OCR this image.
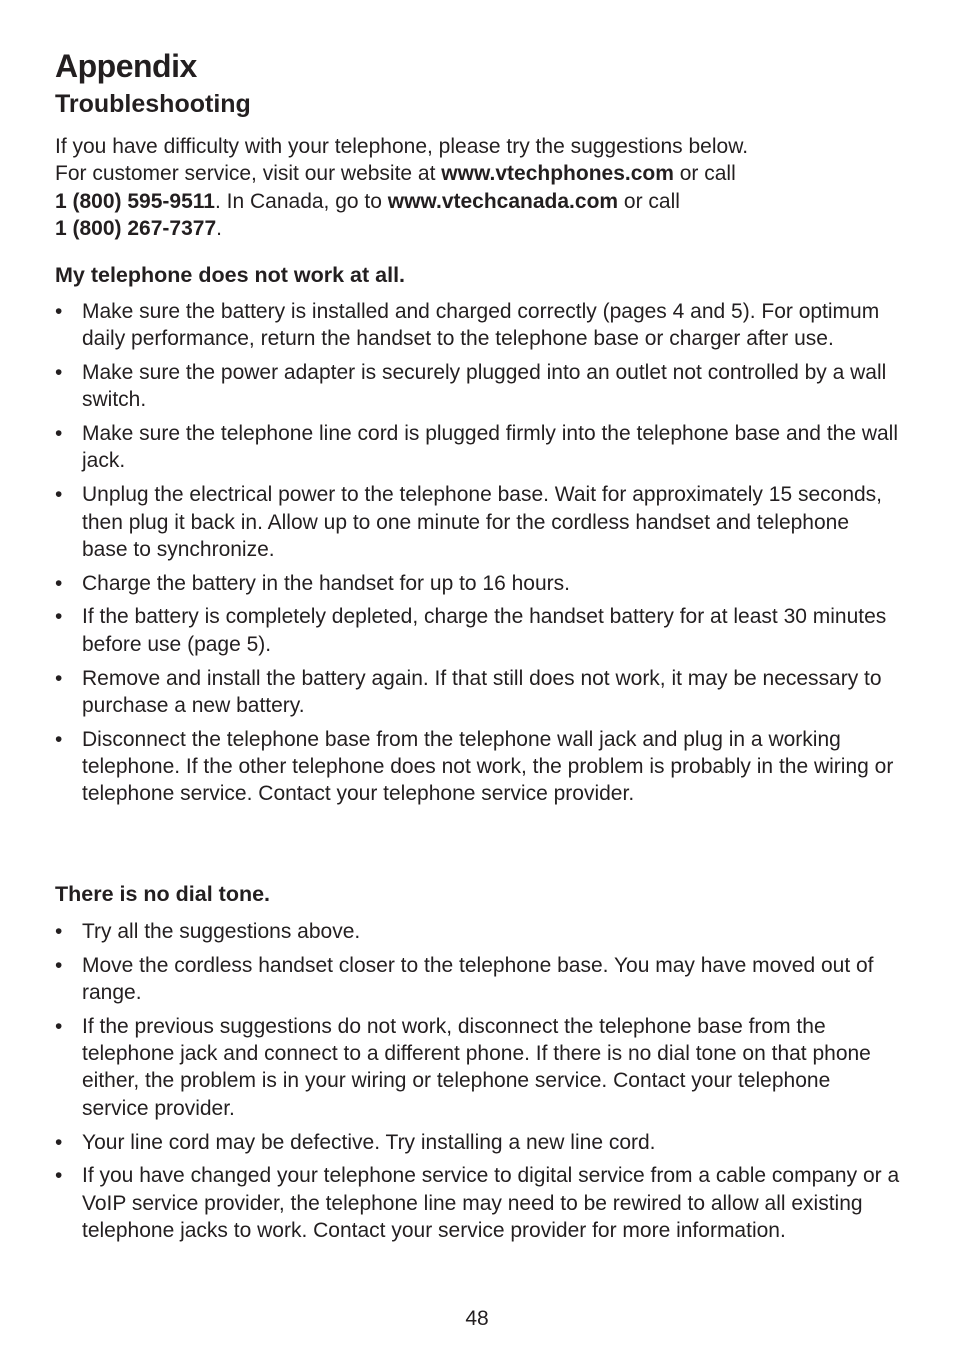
Appendix
Troubleshooting

If you have difficulty with your telephone, please try the suggestions below.
For customer service, visit our website at www.vtechphones.com or call
1 (800) 595-9511. In Canada, go to www.vtechcanada.com or call
1 (800) 267-7377.

My telephone does not work at all.
• Make sure the battery is installed and charged correctly (pages 4 and 5). For optimum daily performance, return the handset to the telephone base or charger after use.
• Make sure the power adapter is securely plugged into an outlet not controlled by a wall switch.
• Make sure the telephone line cord is plugged firmly into the telephone base and the wall jack.
• Unplug the electrical power to the telephone base. Wait for approximately 15 seconds, then plug it back in. Allow up to one minute for the cordless handset and telephone base to synchronize.
• Charge the battery in the handset for up to 16 hours.
• If the battery is completely depleted, charge the handset battery for at least 30 minutes before use (page 5).
• Remove and install the battery again. If that still does not work, it may be necessary to purchase a new battery.
• Disconnect the telephone base from the telephone wall jack and plug in a working telephone. If the other telephone does not work, the problem is probably in the wiring or telephone service. Contact your telephone service provider.
There is no dial tone.
• Try all the suggestions above.
• Move the cordless handset closer to the telephone base. You may have moved out of range.
• If the previous suggestions do not work, disconnect the telephone base from the telephone jack and connect to a different phone. If there is no dial tone on that phone either, the problem is in your wiring or telephone service. Contact your telephone service provider.
• Your line cord may be defective. Try installing a new line cord.
• If you have changed your telephone service to digital service from a cable company or a VoIP service provider, the telephone line may need to be rewired to allow all existing telephone jacks to work. Contact your service provider for more information.
48
